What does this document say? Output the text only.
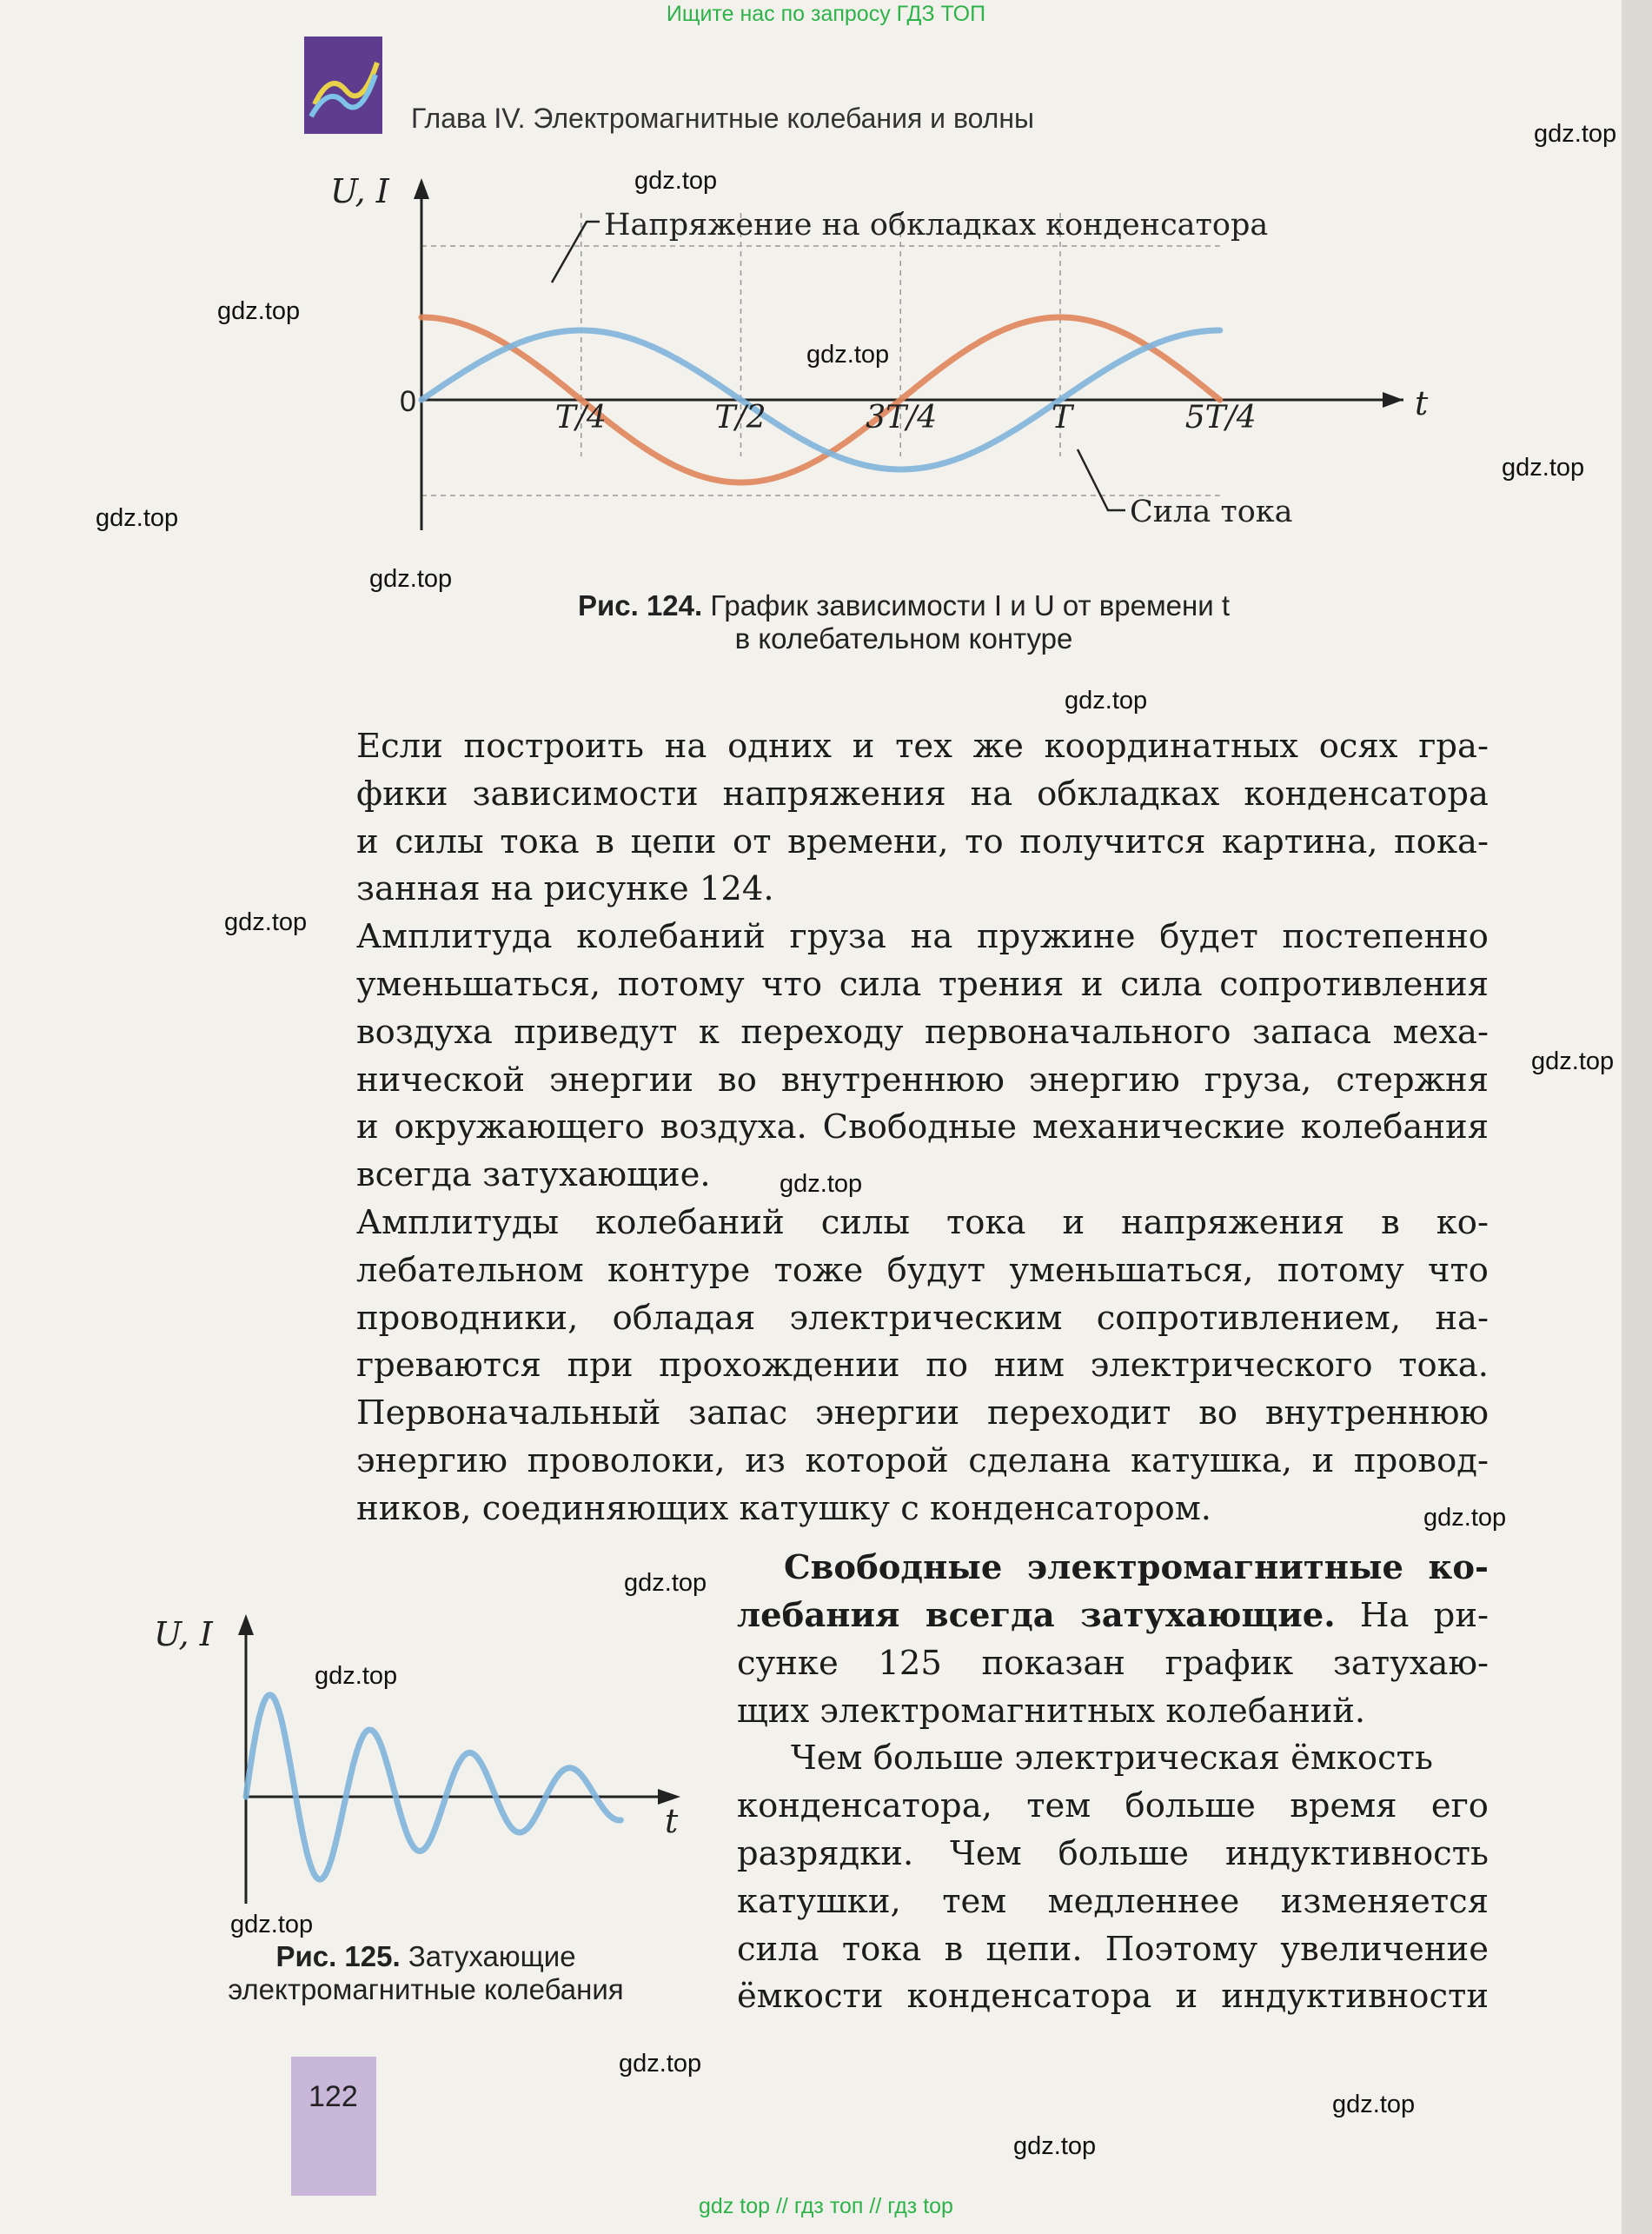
Ищите нас по запросу ГДЗ ТОП
Глава IV. Электромагнитные колебания и волны
U, I
0	t
T/4	T/2	3T/4	T	5T/4
Напряжение на обкладках конденсатора
Сила тока
Рис. 124. График зависимости I и U от времени t
в колебательном контуре

Если построить на одних и тех же координатных осях гра-
фики зависимости напряжения на обкладках конденсатора
и силы тока в цепи от времени, то получится картина, пока-
занная на рисунке 124.

Амплитуда колебаний груза на пружине будет постепенно
уменьшаться, потому что сила трения и сила сопротивления
воздуха приведут к переходу первоначального запаса меха-
нической энергии во внутреннюю энергию груза, стержня
и окружающего воздуха. Свободные механические колебания
всегда затухающие.

Амплитуды колебаний силы тока и напряжения в ко-
лебательном контуре тоже будут уменьшаться, потому что
проводники, обладая электрическим сопротивлением, на-
греваются при прохождении по ним электрического тока.
Первоначальный запас энергии переходит во внутреннюю
энергию проволоки, из которой сделана катушка, и провод-
ников, соединяющих катушку с конденсатором.

Свободные электромагнитные ко-
лебания всегда затухающие. На ри-
сунке 125 показан график затухаю-
щих электромагнитных колебаний.
Чем больше электрическая ёмкость
конденсатора, тем больше время его
разрядки. Чем больше индуктивность
катушки, тем медленнее изменяется
сила тока в цепи. Поэтому увеличение
ёмкости конденсатора и индуктивности
U, I
t
Рис. 125. Затухающие
электромагнитные колебания
122
gdz.top
gdz.top
gdz.top
gdz.top
gdz.top
gdz.top
gdz.top
gdz.top
gdz.top
gdz.top
gdz.top
gdz.top
gdz.top
gdz.top
gdz.top
gdz.top
gdz.top
gdz.top
gdz top // гдз топ // гдз top
